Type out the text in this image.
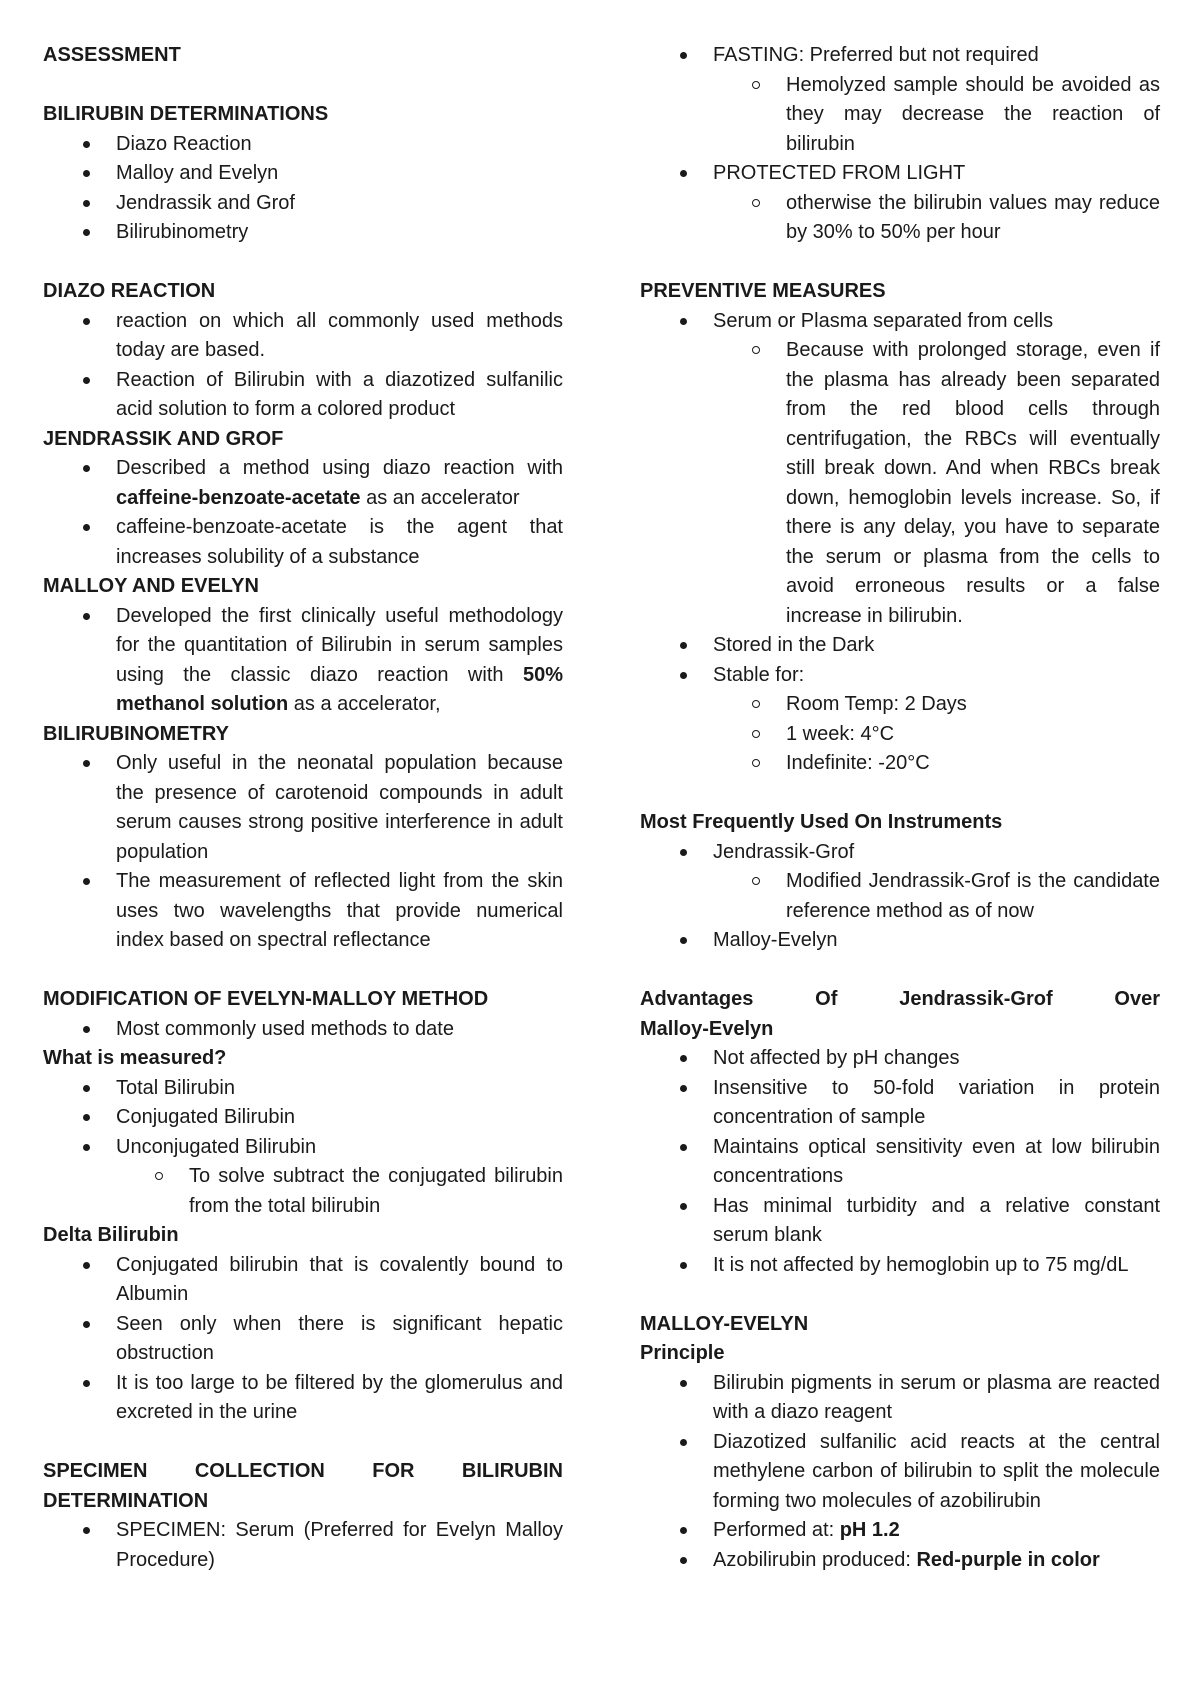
ASSESSMENT
BILIRUBIN DETERMINATIONS
Diazo Reaction
Malloy and Evelyn
Jendrassik and Grof
Bilirubinometry
DIAZO REACTION
reaction on which all commonly used methods today are based.
Reaction of Bilirubin with a diazotized sulfanilic acid solution to form a colored product
JENDRASSIK AND GROF
Described a method using diazo reaction with caffeine-benzoate-acetate as an accelerator
caffeine-benzoate-acetate is the agent that increases solubility of a substance
MALLOY AND EVELYN
Developed the first clinically useful methodology for the quantitation of Bilirubin in serum samples using the classic diazo reaction with 50% methanol solution as a accelerator,
BILIRUBINOMETRY
Only useful in the neonatal population because the presence of carotenoid compounds in adult serum causes strong positive interference in adult population
The measurement of reflected light from the skin uses two wavelengths that provide numerical index based on spectral reflectance
MODIFICATION OF EVELYN-MALLOY METHOD
Most commonly used methods to date
What is measured?
Total Bilirubin
Conjugated Bilirubin
Unconjugated Bilirubin
To solve subtract the conjugated bilirubin from the total bilirubin
Delta Bilirubin
Conjugated bilirubin that is covalently bound to Albumin
Seen only when there is significant hepatic obstruction
It is too large to be filtered by the glomerulus and excreted in the urine
SPECIMEN COLLECTION FOR BILIRUBIN DETERMINATION
SPECIMEN: Serum (Preferred for Evelyn Malloy Procedure)
FASTING: Preferred but not required
Hemolyzed sample should be avoided as they may decrease the reaction of bilirubin
PROTECTED FROM LIGHT
otherwise the bilirubin values may reduce by 30% to 50% per hour
PREVENTIVE MEASURES
Serum or Plasma separated from cells
Because with prolonged storage, even if the plasma has already been separated from the red blood cells through centrifugation, the RBCs will eventually still break down. And when RBCs break down, hemoglobin levels increase. So, if there is any delay, you have to separate the serum or plasma from the cells to avoid erroneous results or a false increase in bilirubin.
Stored in the Dark
Stable for:
Room Temp: 2 Days
1 week: 4°C
Indefinite: -20°C
Most Frequently Used On Instruments
Jendrassik-Grof
Modified Jendrassik-Grof is the candidate reference method as of now
Malloy-Evelyn
Advantages Of Jendrassik-Grof Over
Malloy-Evelyn
Not affected by pH changes
Insensitive to 50-fold variation in protein concentration of sample
Maintains optical sensitivity even at low bilirubin concentrations
Has minimal turbidity and a relative constant serum blank
It is not affected by hemoglobin up to 75 mg/dL
MALLOY-EVELYN
Principle
Bilirubin pigments in serum or plasma are reacted with a diazo reagent
Diazotized sulfanilic acid reacts at the central methylene carbon of bilirubin to split the molecule forming two molecules of azobilirubin
Performed at: pH 1.2
Azobilirubin produced: Red-purple in color
